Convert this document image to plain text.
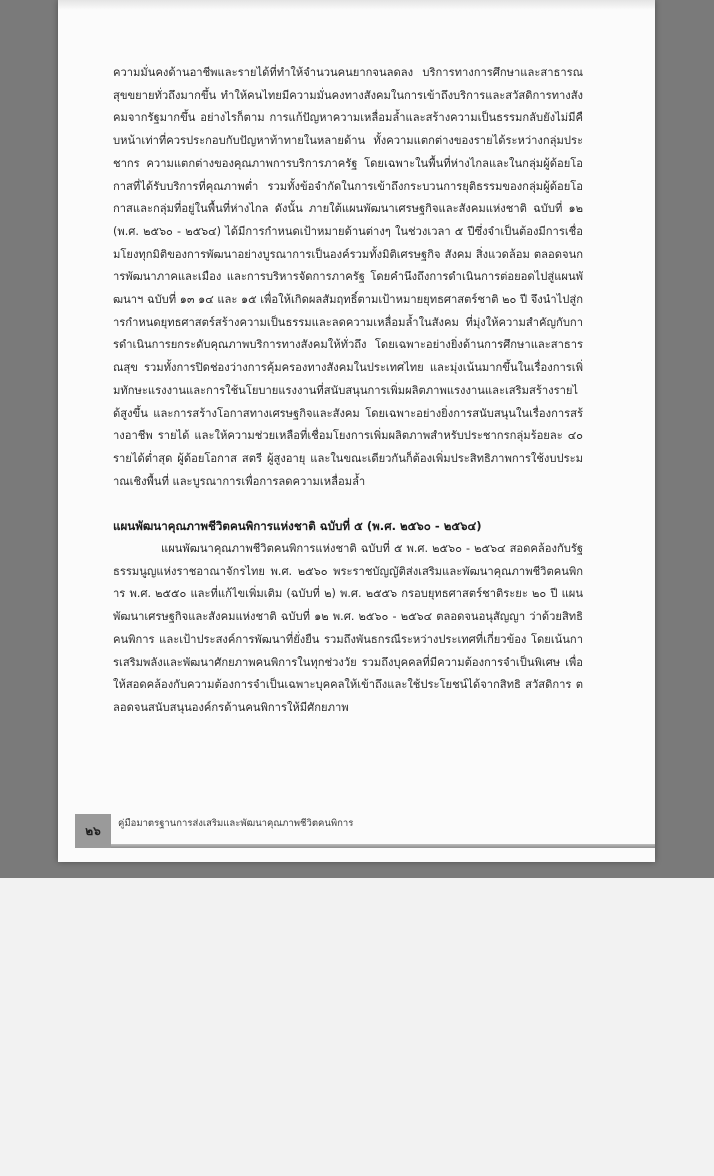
ความมั่นคงด้านอาชีพและรายได้ที่ทำให้จำนวนคนยากจนลดลง บริการทางการศึกษาและสาธารณสุขขยายทั่วถึงมากขึ้น ทำให้คนไทยมีความมั่นคงทางสังคมในการเข้าถึงบริการและสวัสดิการทางสังคมจากรัฐมากขึ้น อย่างไรก็ตาม การแก้ปัญหาความเหลื่อมล้ำและสร้างความเป็นธรรมกลับยังไม่มีคืบหน้าเท่าที่ควรประกอบกับปัญหาท้าทายในหลายด้าน ทั้งความแตกต่างของรายได้ระหว่างกลุ่มประชากร ความแตกต่างของคุณภาพการบริการภาครัฐ โดยเฉพาะในพื้นที่ห่างไกลและในกลุ่มผู้ด้อยโอกาสที่ได้รับบริการที่คุณภาพต่ำ รวมทั้งข้อจำกัดในการเข้าถึงกระบวนการยุติธรรมของกลุ่มผู้ด้อยโอกาสและกลุ่มที่อยู่ในพื้นที่ห่างไกล ดังนั้น ภายใต้แผนพัฒนาเศรษฐกิจและสังคมแห่งชาติ ฉบับที่ ๑๒ (พ.ศ. ๒๕๖๐ - ๒๕๖๔) ได้มีการกำหนดเป้าหมายด้านต่างๆ ในช่วงเวลา ๕ ปีซึ่งจำเป็นต้องมีการเชื่อมโยงทุกมิติของการพัฒนาอย่างบูรณาการเป็นองค์รวมทั้งมิติเศรษฐกิจ สังคม สิ่งแวดล้อม ตลอดจนการพัฒนาภาคและเมือง และการบริหารจัดการภาครัฐ โดยคำนึงถึงการดำเนินการต่อยอดไปสู่แผนพัฒนาฯ ฉบับที่ ๑๓ ๑๔ และ ๑๕ เพื่อให้เกิดผลสัมฤทธิ์ตามเป้าหมายยุทธศาสตร์ชาติ ๒๐ ปี จึงนำไปสู่การกำหนดยุทธศาสตร์สร้างความเป็นธรรมและลดความเหลื่อมล้ำในสังคม ที่มุ่งให้ความสำคัญกับการดำเนินการยกระดับคุณภาพบริการทางสังคมให้ทั่วถึง โดยเฉพาะอย่างยิ่งด้านการศึกษาและสาธารณสุข รวมทั้งการปิดช่องว่างการคุ้มครองทางสังคมในประเทศไทย และมุ่งเน้นมากขึ้นในเรื่องการเพิ่มทักษะแรงงานและการใช้นโยบายแรงงานที่สนับสนุนการเพิ่มผลิตภาพแรงงานและเสริมสร้างรายได้สูงขึ้น และการสร้างโอกาสทางเศรษฐกิจและสังคม โดยเฉพาะอย่างยิ่งการสนับสนุนในเรื่องการสร้างอาชีพ รายได้ และให้ความช่วยเหลือที่เชื่อมโยงการเพิ่มผลิตภาพสำหรับประชากรกลุ่มร้อยละ ๔๐ รายได้ต่ำสุด ผู้ด้อยโอกาส สตรี ผู้สูงอายุ และในขณะเดียวกันก็ต้องเพิ่มประสิทธิภาพการใช้งบประมาณเชิงพื้นที่ และบูรณาการเพื่อการลดความเหลื่อมล้ำ

แผนพัฒนาคุณภาพชีวิตคนพิการแห่งชาติ ฉบับที่ ๕ (พ.ศ. ๒๕๖๐ - ๒๕๖๔)

แผนพัฒนาคุณภาพชีวิตคนพิการแห่งชาติ ฉบับที่ ๕ พ.ศ. ๒๕๖๐ - ๒๕๖๔ สอดคล้องกับรัฐธรรมนูญแห่งราชอาณาจักรไทย พ.ศ. ๒๕๖๐ พระราชบัญญัติส่งเสริมและพัฒนาคุณภาพชีวิตคนพิการ พ.ศ. ๒๕๕๐ และที่แก้ไขเพิ่มเติม (ฉบับที่ ๒) พ.ศ. ๒๕๕๖ กรอบยุทธศาสตร์ชาติระยะ ๒๐ ปี แผนพัฒนาเศรษฐกิจและสังคมแห่งชาติ ฉบับที่ ๑๒ พ.ศ. ๒๕๖๐ - ๒๕๖๔ ตลอดจนอนุสัญญา ว่าด้วยสิทธิคนพิการ และเป้าประสงค์การพัฒนาที่ยั่งยืน รวมถึงพันธกรณีระหว่างประเทศที่เกี่ยวข้อง โดยเน้นการเสริมพลังและพัฒนาศักยภาพคนพิการในทุกช่วงวัย รวมถึงบุคคลที่มีความต้องการจำเป็นพิเศษ เพื่อให้สอดคล้องกับความต้องการจำเป็นเฉพาะบุคคลให้เข้าถึงและใช้ประโยชน์ได้จากสิทธิ สวัสดิการ ตลอดจนสนับสนุนองค์กรด้านคนพิการให้มีศักยภาพ

๒๖ คู่มือมาตรฐานการส่งเสริมและพัฒนาคุณภาพชีวิตคนพิการ
